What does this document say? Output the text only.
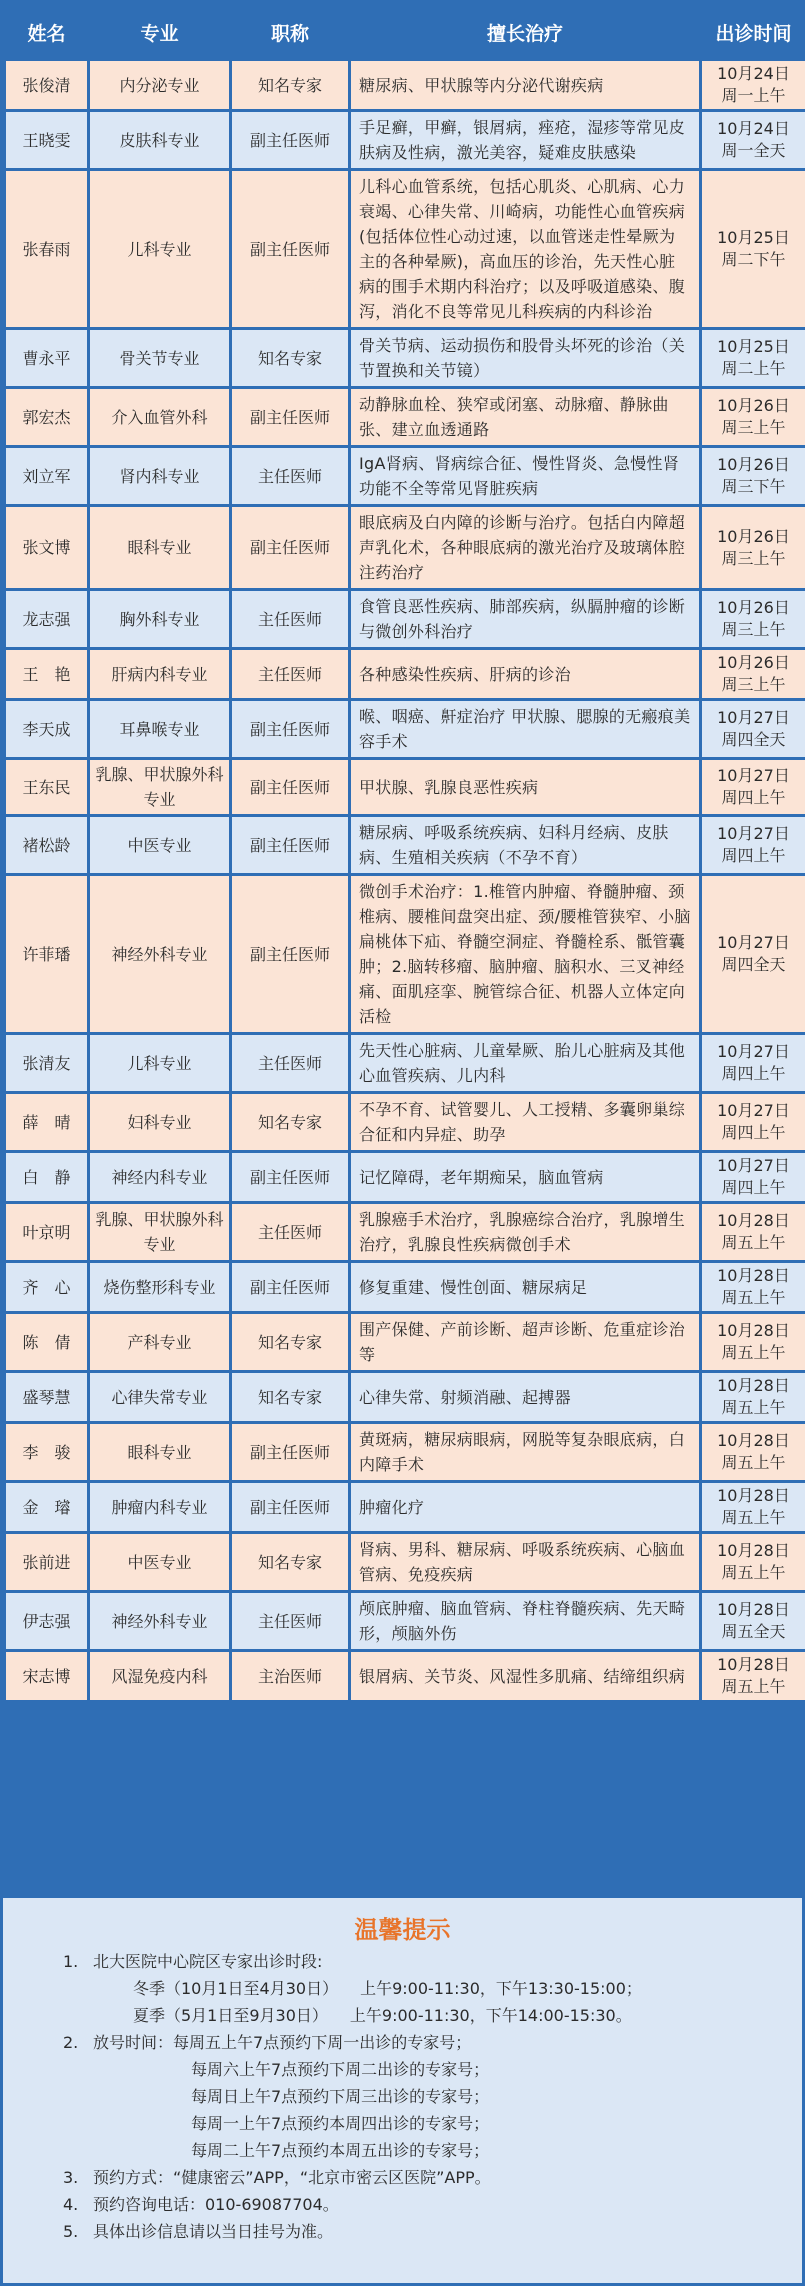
姓名	专业	职称	擅长治疗	出诊时间
张俊清	内分泌专业	知名专家	糖尿病、甲状腺等内分泌代谢疾病	10月24日
周一上午

王晓雯	皮肤科专业	副主任医师	手足癣，甲癣，银屑病，痤疮，湿疹等常见皮肤病及性病，激光美容，疑难皮肤感染	10月24日
周一全天

张春雨	儿科专业	副主任医师	儿科心血管系统，包括心肌炎、心肌病、心力衰竭、心律失常、川崎病，功能性心血管疾病(包括体位性心动过速，以血管迷走性晕厥为主的各种晕厥)，高血压的诊治，先天性心脏病的围手术期内科治疗；以及呼吸道感染、腹泻，消化不良等常见儿科疾病的内科诊治	10月25日
周二下午

曹永平	骨关节专业	知名专家	骨关节病、运动损伤和股骨头坏死的诊治（关节置换和关节镜）	10月25日
周二上午

郭宏杰	介入血管外科	副主任医师	动静脉血栓、狭窄或闭塞、动脉瘤、静脉曲张、建立血透通路	10月26日
周三上午

刘立军	肾内科专业	主任医师	IgA肾病、肾病综合征、慢性肾炎、急慢性肾功能不全等常见肾脏疾病	10月26日
周三下午

张文博	眼科专业	副主任医师	眼底病及白内障的诊断与治疗。包括白内障超声乳化术，各种眼底病的激光治疗及玻璃体腔注药治疗	10月26日
周三上午

龙志强	胸外科专业	主任医师	食管良恶性疾病、肺部疾病，纵膈肿瘤的诊断与微创外科治疗	10月26日
周三上午

王　艳	肝病内科专业	主任医师	各种感染性疾病、肝病的诊治	10月26日
周三上午

李天成	耳鼻喉专业	副主任医师	喉、咽癌、鼾症治疗 甲状腺、腮腺的无瘢痕美容手术	10月27日
周四全天

王东民	乳腺、甲状腺外科专业	副主任医师	甲状腺、乳腺良恶性疾病	10月27日
周四上午

褚松龄	中医专业	副主任医师	糖尿病、呼吸系统疾病、妇科月经病、皮肤病、生殖相关疾病（不孕不育）	10月27日
周四上午

许菲璠	神经外科专业	副主任医师	微创手术治疗：1.椎管内肿瘤、脊髓肿瘤、颈椎病、腰椎间盘突出症、颈/腰椎管狭窄、小脑扁桃体下疝、脊髓空洞症、脊髓栓系、骶管囊肿；2.脑转移瘤、脑肿瘤、脑积水、三叉神经痛、面肌痉挛、腕管综合征、机器人立体定向活检	10月27日
周四全天

张清友	儿科专业	主任医师	先天性心脏病、儿童晕厥、胎儿心脏病及其他心血管疾病、儿内科	10月27日
周四上午

薛　晴	妇科专业	知名专家	不孕不育、试管婴儿、人工授精、多囊卵巢综合征和内异症、助孕	10月27日
周四上午

白　静	神经内科专业	副主任医师	记忆障碍，老年期痴呆，脑血管病	10月27日
周四上午

叶京明	乳腺、甲状腺外科专业	主任医师	乳腺癌手术治疗，乳腺癌综合治疗，乳腺增生治疗，乳腺良性疾病微创手术	10月28日
周五上午

齐　心	烧伤整形科专业	副主任医师	修复重建、慢性创面、糖尿病足	10月28日
周五上午

陈　倩	产科专业	知名专家	围产保健、产前诊断、超声诊断、危重症诊治等	10月28日
周五上午

盛琴慧	心律失常专业	知名专家	心律失常、射频消融、起搏器	10月28日
周五上午

李　骏	眼科专业	副主任医师	黄斑病，糖尿病眼病，网脱等复杂眼底病，白内障手术	10月28日
周五上午

金　璿	肿瘤内科专业	副主任医师	肿瘤化疗	10月28日
周五上午

张前进	中医专业	知名专家	肾病、男科、糖尿病、呼吸系统疾病、心脑血管病、免疫疾病	10月28日
周五上午

伊志强	神经外科专业	主任医师	颅底肿瘤、脑血管病、脊柱脊髓疾病、先天畸形，颅脑外伤	10月28日
周五全天

宋志博	风湿免疫内科	主治医师	银屑病、关节炎、风湿性多肌痛、结缔组织病	10月28日
周五上午
温馨提示
1. 北大医院中心院区专家出诊时段:
冬季（10月1日至4月30日） 上午9:00-11:30，下午13:30-15:00；
夏季（5月1日至9月30日） 上午9:00-11:30，下午14:00-15:30。
2. 放号时间：每周五上午7点预约下周一出诊的专家号；
每周六上午7点预约下周二出诊的专家号；
每周日上午7点预约下周三出诊的专家号；
每周一上午7点预约本周四出诊的专家号；
每周二上午7点预约本周五出诊的专家号；
3. 预约方式：“健康密云”APP，“北京市密云区医院”APP。
4. 预约咨询电话：010-69087704。
5. 具体出诊信息请以当日挂号为准。
